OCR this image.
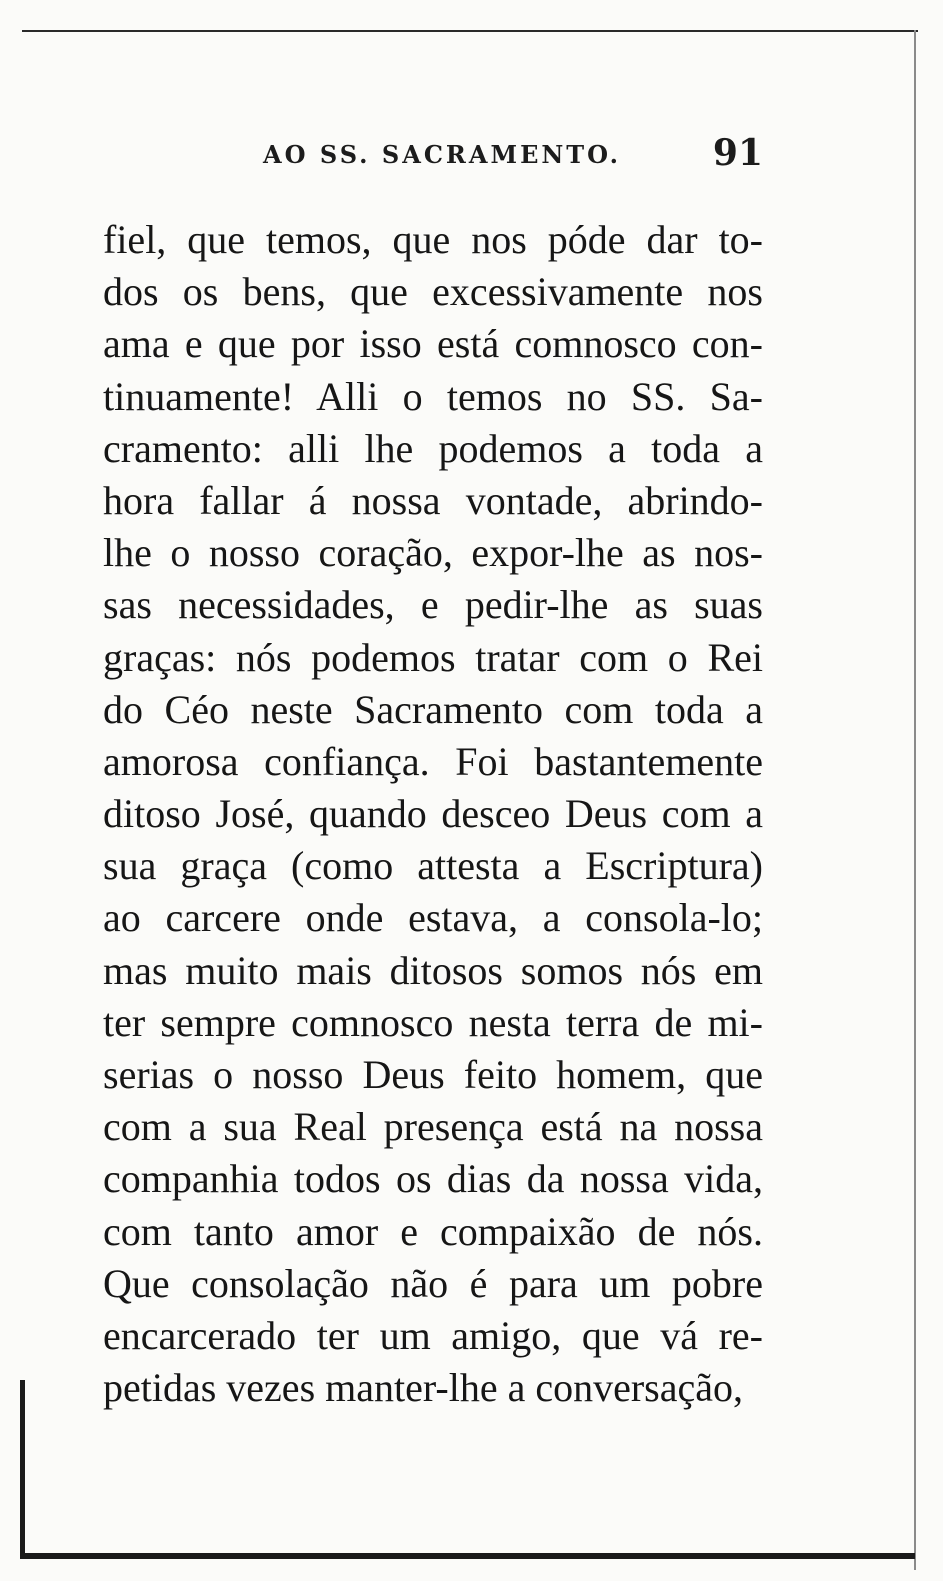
AO SS. SACRAMENTO.	91
fiel, que temos, que nos póde dar to-
dos os bens, que excessivamente nos
ama e que por isso está comnosco con-
tinuamente! Alli o temos no SS. Sa-
cramento: alli lhe podemos a toda a
hora fallar á nossa vontade, abrindo-
lhe o nosso coração, expor-lhe as nos-
sas necessidades, e pedir-lhe as suas
graças: nós podemos tratar com o Rei
do Céo neste Sacramento com toda a
amorosa confiança. Foi bastantemente
ditoso José, quando desceo Deus com a
sua graça (como attesta a Escriptura)
ao carcere onde estava, a consola-lo;
mas muito mais ditosos somos nós em
ter sempre comnosco nesta terra de mi-
serias o nosso Deus feito homem, que
com a sua Real presença está na nossa
companhia todos os dias da nossa vida,
com tanto amor e compaixão de nós.
Que consolação não é para um pobre
encarcerado ter um amigo, que vá re-
petidas vezes manter-lhe a conversação,
